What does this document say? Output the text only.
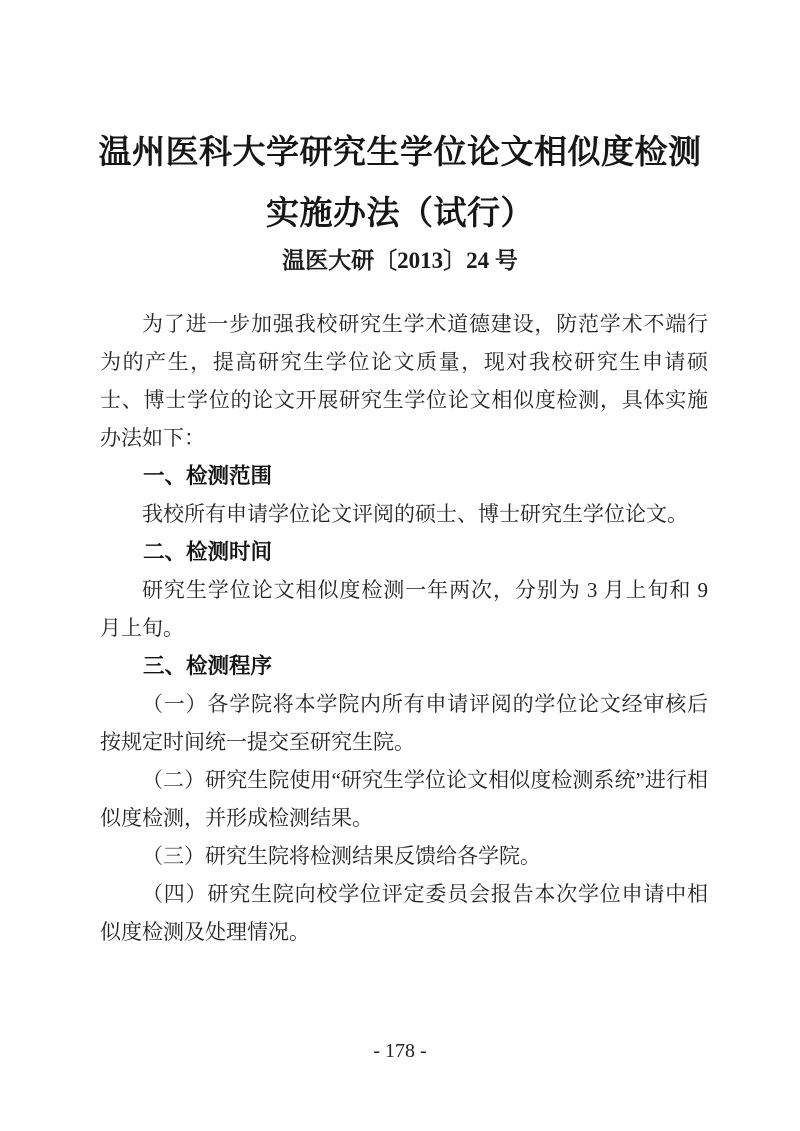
温州医科大学研究生学位论文相似度检测
实施办法（试行）
温医大研〔2013〕24 号

为了进一步加强我校研究生学术道德建设，防范学术不端行为的产生，提高研究生学位论文质量，现对我校研究生申请硕士、博士学位的论文开展研究生学位论文相似度检测，具体实施办法如下：

一、检测范围

我校所有申请学位论文评阅的硕士、博士研究生学位论文。

二、检测时间

研究生学位论文相似度检测一年两次，分别为 3 月上旬和 9 月上旬。

三、检测程序

（一）各学院将本学院内所有申请评阅的学位论文经审核后按规定时间统一提交至研究生院。

（二）研究生院使用“研究生学位论文相似度检测系统”进行相似度检测，并形成检测结果。

（三）研究生院将检测结果反馈给各学院。

（四）研究生院向校学位评定委员会报告本次学位申请中相似度检测及处理情况。

- 178 -
